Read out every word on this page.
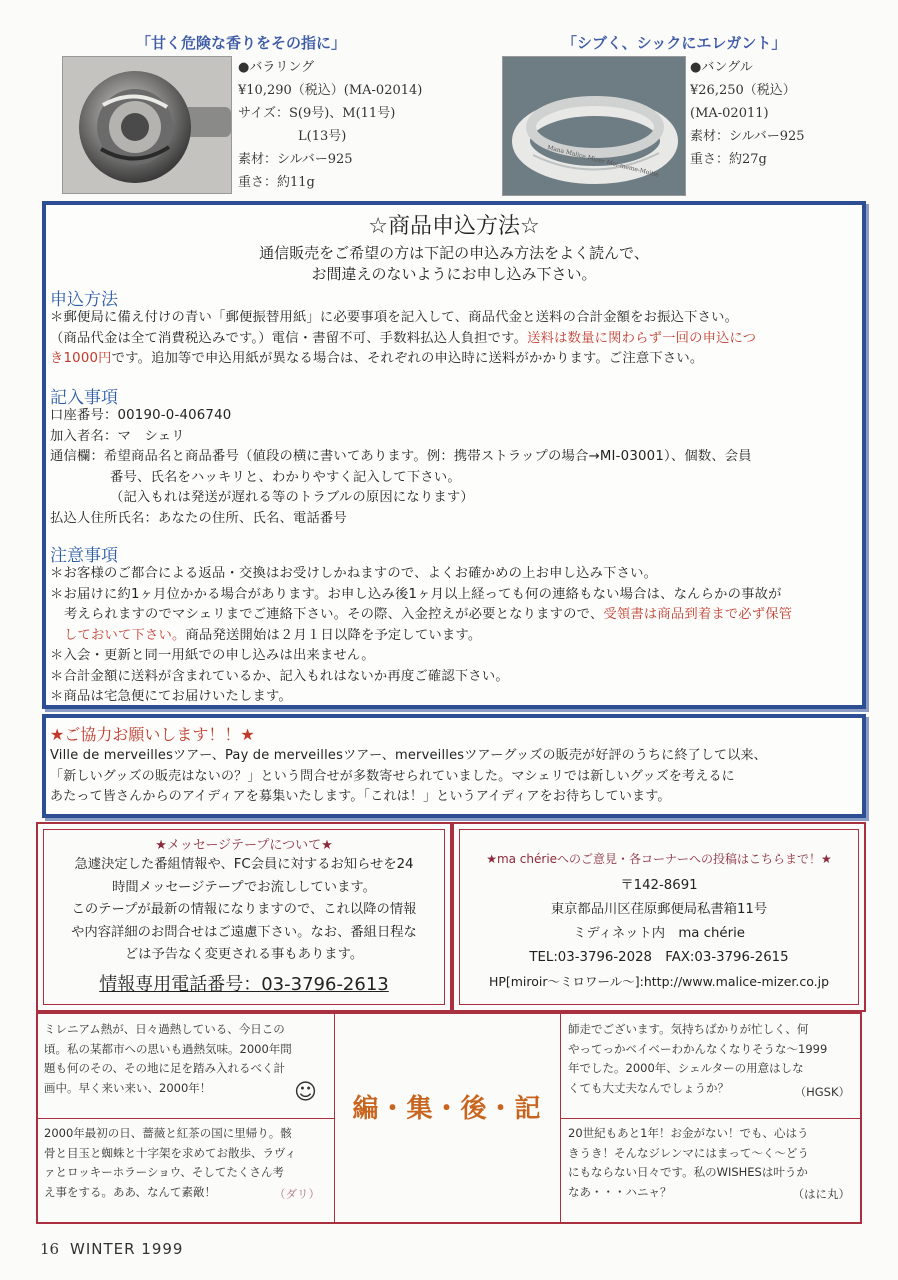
「甘く危険な香りをその指に」
●バラリング
¥10,290（税込）(MA-02014)
サイズ：S(9号)、M(11号)
L(13号)
素材：シルバー925
重さ：約11g
「シブく、シックにエレガント」
Mana Malice Mizer Moi-meme-Moitie
●バングル
¥26,250（税込）
(MA-02011)
素材：シルバー925
重さ：約27g
☆商品申込方法☆
通信販売をご希望の方は下記の申込み方法をよく読んで、
お間違えのないようにお申し込み下さい。
申込方法
＊郵便局に備え付けの青い「郵便振替用紙」に必要事項を記入して、商品代金と送料の合計金額をお振込下さい。
（商品代金は全て消費税込みです。）電信・書留不可、手数料払込人負担です。送料は数量に関わらず一回の申込につ
き1000円です。追加等で申込用紙が異なる場合は、それぞれの申込時に送料がかかります。ご注意下さい。
記入事項
口座番号：00190-0-406740
加入者名：マ　シェリ
通信欄：希望商品名と商品番号（値段の横に書いてあります。例：携帯ストラップの場合→MI-03001）、個数、会員
番号、氏名をハッキリと、わかりやすく記入して下さい。
（記入もれは発送が遅れる等のトラブルの原因になります）
払込人住所氏名：あなたの住所、氏名、電話番号
注意事項
＊お客様のご都合による返品・交換はお受けしかねますので、よくお確かめの上お申し込み下さい。
＊お届けに約1ヶ月位かかる場合があります。お申し込み後1ヶ月以上経っても何の連絡もない場合は、なんらかの事故が
考えられますのでマシェリまでご連絡下さい。その際、入金控えが必要となりますので、受領書は商品到着まで必ず保管
しておいて下さい。商品発送開始は２月１日以降を予定しています。
＊入会・更新と同一用紙での申し込みは出来ません。
＊合計金額に送料が含まれているか、記入もれはないか再度ご確認下さい。
＊商品は宅急便にてお届けいたします。
★ご協力お願いします！！★
Ville de merveillesツアー、Pay de merveillesツアー、merveillesツアーグッズの販売が好評のうちに終了して以来、
「新しいグッズの販売はないの？」という問合せが多数寄せられていました。マシェリでは新しいグッズを考えるに
あたって皆さんからのアイディアを募集いたします。「これは！」というアイディアをお待ちしています。
★メッセージテープについて★
急遽決定した番組情報や、FC会員に対するお知らせを24
時間メッセージテープでお流ししています。
このテープが最新の情報になりますので、これ以降の情報
や内容詳細のお問合せはご遠慮下さい。なお、番組日程な
どは予告なく変更される事もあります。
情報専用電話番号：03-3796-2613
★ma chérieへのご意見・各コーナーへの投稿はこちらまで！★
〒142-8691
東京都品川区荏原郵便局私書箱11号
ミディネット内　ma chérie
TEL:03-3796-2028　FAX:03-3796-2615
HP[miroir～ミロワール～]:http://www.malice-mizer.co.jp
ミレニアム熱が、日々過熱している、今日この
頃。私の某都市への思いも過熱気味。2000年問
題も何のその、その地に足を踏み入れるべく計
画中。早く来い来い、2000年！	☺
2000年最初の日、薔薇と紅茶の国に里帰り。骸
骨と目玉と蜘蛛と十字架を求めてお散歩、ラヴィ
ァとロッキーホラーショウ、そしてたくさん考
え事をする。ああ、なんて素敵！	（ダリ）
編・集・後・記
師走でございます。気持ちばかりが忙しく、何
やってっかベイベーわかんなくなりそうな～1999
年でした。2000年、シェルターの用意はしな
くても大丈夫なんでしょうか？	（HGSK）
20世紀もあと1年！お金がない！でも、心はう
きうき！そんなジレンマにはまって～く～どう
にもならない日々です。私のWISHESは叶うか
なあ・・・ハニャ？	（はに丸）
16 WINTER 1999
